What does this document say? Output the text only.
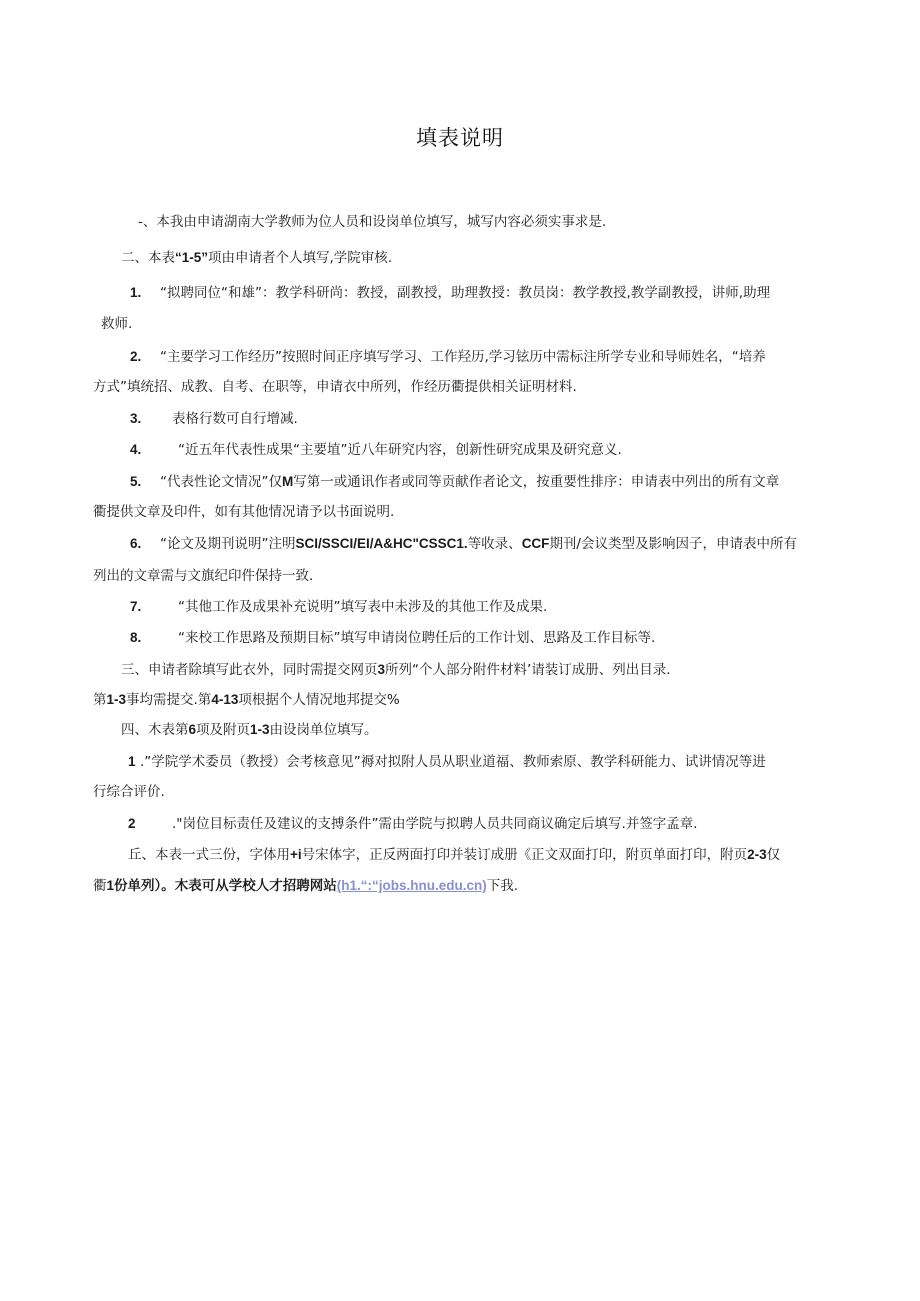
填表说明
-、本我由申请湖南大学教师为位人员和设岗单位填写，城写内容必须实事求是.
二、本表“1-5”项由申请者个人填写,学院审核.
1. “拟聘同位“和雄”：教学科研尚：教授，副教授，助理教授：教员岗：教学教授,教学副教授，讲师,助理
救师.
2. “主要学习工作经历”按照时间正序填写学习、工作羟历,学习铉历中需标注所学专业和导师姓名，“培养
方式”填统招、成教、自考、在职等，申请衣中所列，作经历衢提供相关证明材料.
3. 表格行数可自行增减.
4.	“近五年代表性成果“主要埴”近八年研究内容，创新性研究成果及研究意义.
5. “代表性论文情况”仅M写第一或通讯作者或同等贡献作者论文，按重要性排序：申请表中列出的所有文章
衢提供文章及印件，如有其他情况请予以书面说明.
6. “论文及期刊说明”注明SCI/SSCI/EI/A&HC"CSSC1.等收录、CCF期刊/会议类型及影响因子，申请表中所有
列出的文章需与文旗纪印件保持一致.
7.	“其他工作及成果补充说明”填写表中未涉及的其他工作及成果.
8.	“来校工作思路及预期目标”填写申请岗位聘任后的工作计划、思路及工作目标等.
三、申请者除填写此衣外，同时需提交网页3所列“个人部分附件材料’请装订成册、列出目录.
第1-3事均需提交.第4-13项根据个人情况地邦提交%
四、木表第6项及附页1-3由设岗单位填写。
1 .”学院学术委员（教授）会考核意见”褥对拟附人员从职业道福、教师索原、教学科研能力、试讲情况等进
行综合评价.
2	."岗位目标责任及建议的支搏条件”需由学院与拟聘人员共同商议确定后填写.并签字孟章.
丘、本表一式三份，字体用+i号宋体字，正反两面打印并装订成册《正文双面打印，附页单面打印，附页2-3仅
衢1份单列）。木表可从学校人才招聘网站(h1.“:“jobs.hnu.edu.cn)下我.
